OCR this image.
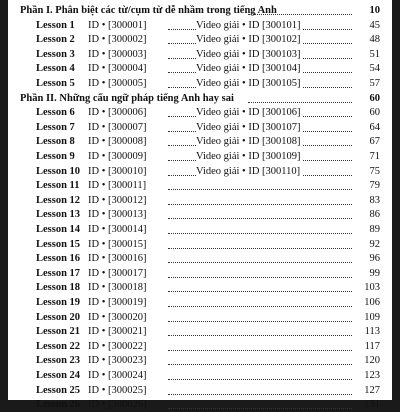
Phần I. Phân biệt các từ/cụm từ dễ nhầm trong tiếng Anh	10
Lesson 1 ID • [300001]	Video giải • ID [300101]	45
Lesson 2 ID • [300002]	Video giải • ID [300102]	48
Lesson 3 ID • [300003]	Video giải • ID [300103]	51
Lesson 4 ID • [300004]	Video giải • ID [300104]	54
Lesson 5 ID • [300005]	Video giải • ID [300105]	57
Phần II. Những cấu ngữ pháp tiếng Anh hay sai	60
Lesson 6 ID • [300006]	Video giải • ID [300106]	60
Lesson 7 ID • [300007]	Video giải • ID [300107]	64
Lesson 8 ID • [300008]	Video giải • ID [300108]	67
Lesson 9 ID • [300009]	Video giải • ID [300109]	71
Lesson 10 ID • [300010]	Video giải • ID [300110]	75
Lesson 11 ID • [300011]	79
Lesson 12 ID • [300012]	83
Lesson 13 ID • [300013]	86
Lesson 14 ID • [300014]	89
Lesson 15 ID • [300015]	92
Lesson 16 ID • [300016]	96
Lesson 17 ID • [300017]	99
Lesson 18 ID • [300018]	103
Lesson 19 ID • [300019]	106
Lesson 20 ID • [300020]	109
Lesson 21 ID • [300021]	113
Lesson 22 ID • [300022]	117
Lesson 23 ID • [300023]	120
Lesson 24 ID • [300024]	123
Lesson 25 ID • [300025]	127
Lesson 26 ID • [300026]	131
